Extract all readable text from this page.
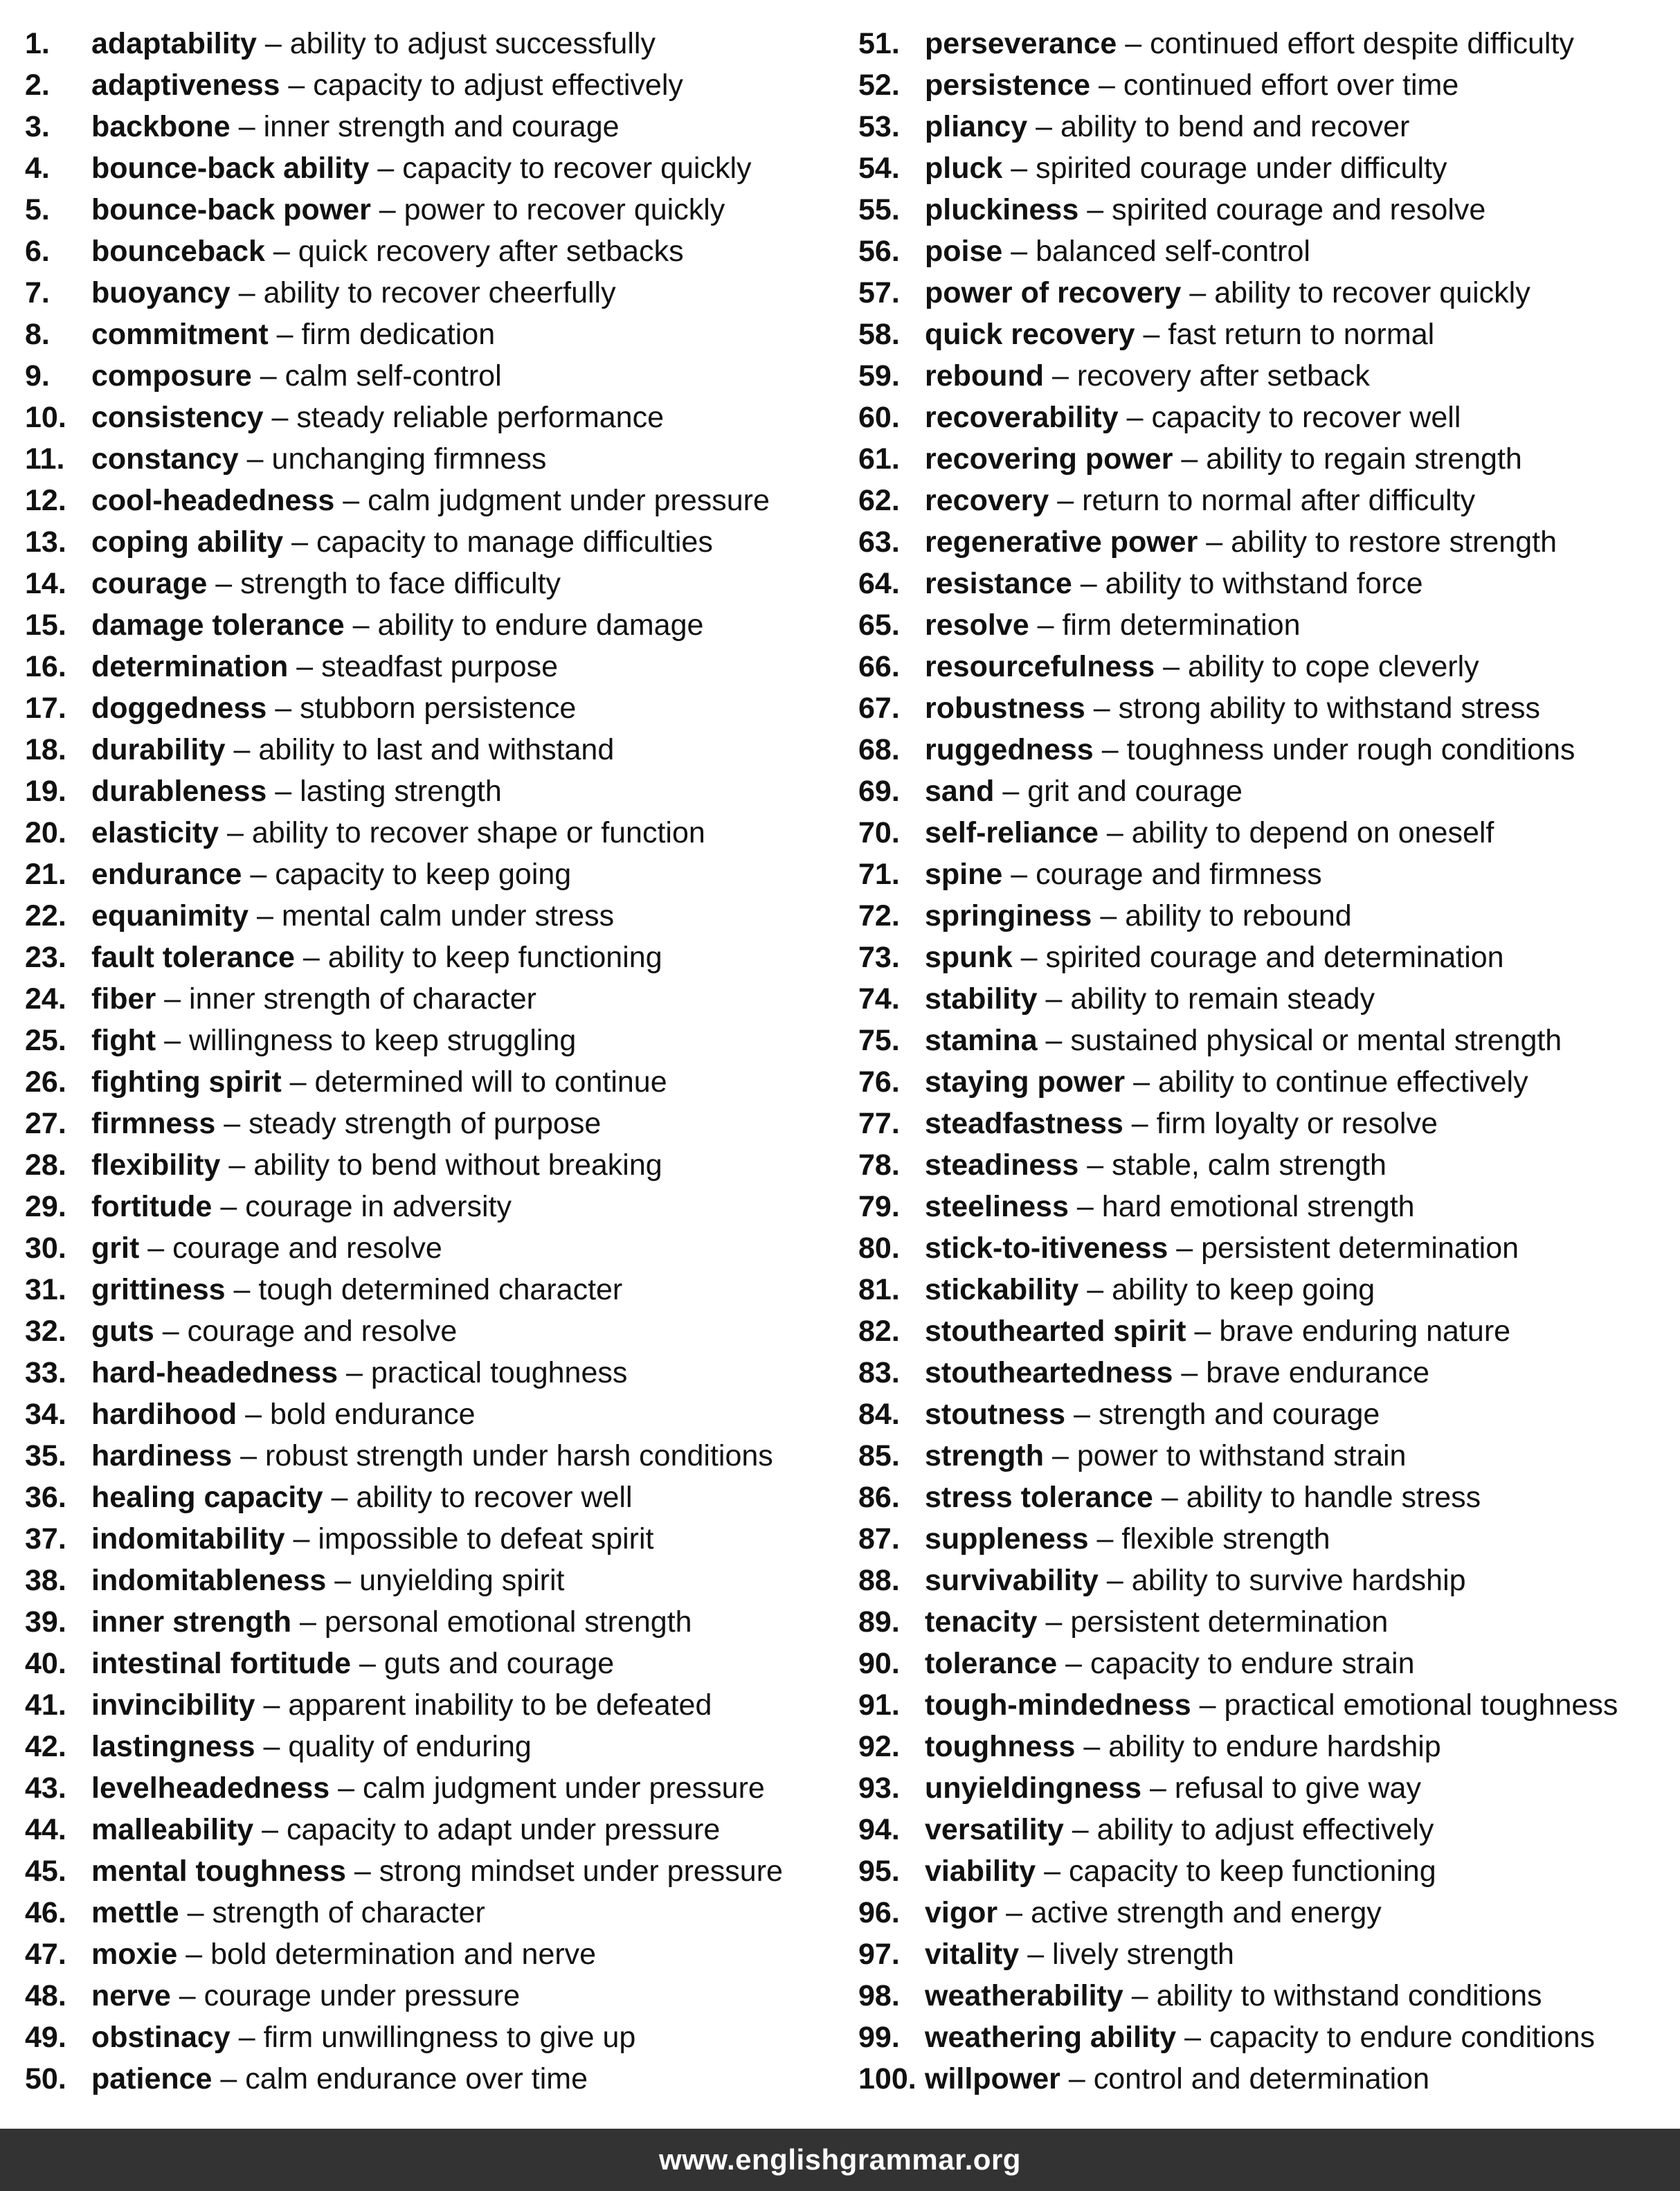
1. adaptability – ability to adjust successfully
2. adaptiveness – capacity to adjust effectively
3. backbone – inner strength and courage
4. bounce-back ability – capacity to recover quickly
5. bounce-back power – power to recover quickly
6. bounceback – quick recovery after setbacks
7. buoyancy – ability to recover cheerfully
8. commitment – firm dedication
9. composure – calm self-control
10. consistency – steady reliable performance
11. constancy – unchanging firmness
12. cool-headedness – calm judgment under pressure
13. coping ability – capacity to manage difficulties
14. courage – strength to face difficulty
15. damage tolerance – ability to endure damage
16. determination – steadfast purpose
17. doggedness – stubborn persistence
18. durability – ability to last and withstand
19. durableness – lasting strength
20. elasticity – ability to recover shape or function
21. endurance – capacity to keep going
22. equanimity – mental calm under stress
23. fault tolerance – ability to keep functioning
24. fiber – inner strength of character
25. fight – willingness to keep struggling
26. fighting spirit – determined will to continue
27. firmness – steady strength of purpose
28. flexibility – ability to bend without breaking
29. fortitude – courage in adversity
30. grit – courage and resolve
31. grittiness – tough determined character
32. guts – courage and resolve
33. hard-headedness – practical toughness
34. hardihood – bold endurance
35. hardiness – robust strength under harsh conditions
36. healing capacity – ability to recover well
37. indomitability – impossible to defeat spirit
38. indomitableness – unyielding spirit
39. inner strength – personal emotional strength
40. intestinal fortitude – guts and courage
41. invincibility – apparent inability to be defeated
42. lastingness – quality of enduring
43. levelheadedness – calm judgment under pressure
44. malleability – capacity to adapt under pressure
45. mental toughness – strong mindset under pressure
46. mettle – strength of character
47. moxie – bold determination and nerve
48. nerve – courage under pressure
49. obstinacy – firm unwillingness to give up
50. patience – calm endurance over time
51. perseverance – continued effort despite difficulty
52. persistence – continued effort over time
53. pliancy – ability to bend and recover
54. pluck – spirited courage under difficulty
55. pluckiness – spirited courage and resolve
56. poise – balanced self-control
57. power of recovery – ability to recover quickly
58. quick recovery – fast return to normal
59. rebound – recovery after setback
60. recoverability – capacity to recover well
61. recovering power – ability to regain strength
62. recovery – return to normal after difficulty
63. regenerative power – ability to restore strength
64. resistance – ability to withstand force
65. resolve – firm determination
66. resourcefulness – ability to cope cleverly
67. robustness – strong ability to withstand stress
68. ruggedness – toughness under rough conditions
69. sand – grit and courage
70. self-reliance – ability to depend on oneself
71. spine – courage and firmness
72. springiness – ability to rebound
73. spunk – spirited courage and determination
74. stability – ability to remain steady
75. stamina – sustained physical or mental strength
76. staying power – ability to continue effectively
77. steadfastness – firm loyalty or resolve
78. steadiness – stable, calm strength
79. steeliness – hard emotional strength
80. stick-to-itiveness – persistent determination
81. stickability – ability to keep going
82. stouthearted spirit – brave enduring nature
83. stoutheartedness – brave endurance
84. stoutness – strength and courage
85. strength – power to withstand strain
86. stress tolerance – ability to handle stress
87. suppleness – flexible strength
88. survivability – ability to survive hardship
89. tenacity – persistent determination
90. tolerance – capacity to endure strain
91. tough-mindedness – practical emotional toughness
92. toughness – ability to endure hardship
93. unyieldingness – refusal to give way
94. versatility – ability to adjust effectively
95. viability – capacity to keep functioning
96. vigor – active strength and energy
97. vitality – lively strength
98. weatherability – ability to withstand conditions
99. weathering ability – capacity to endure conditions
100. willpower – control and determination
www.englishgrammar.org
